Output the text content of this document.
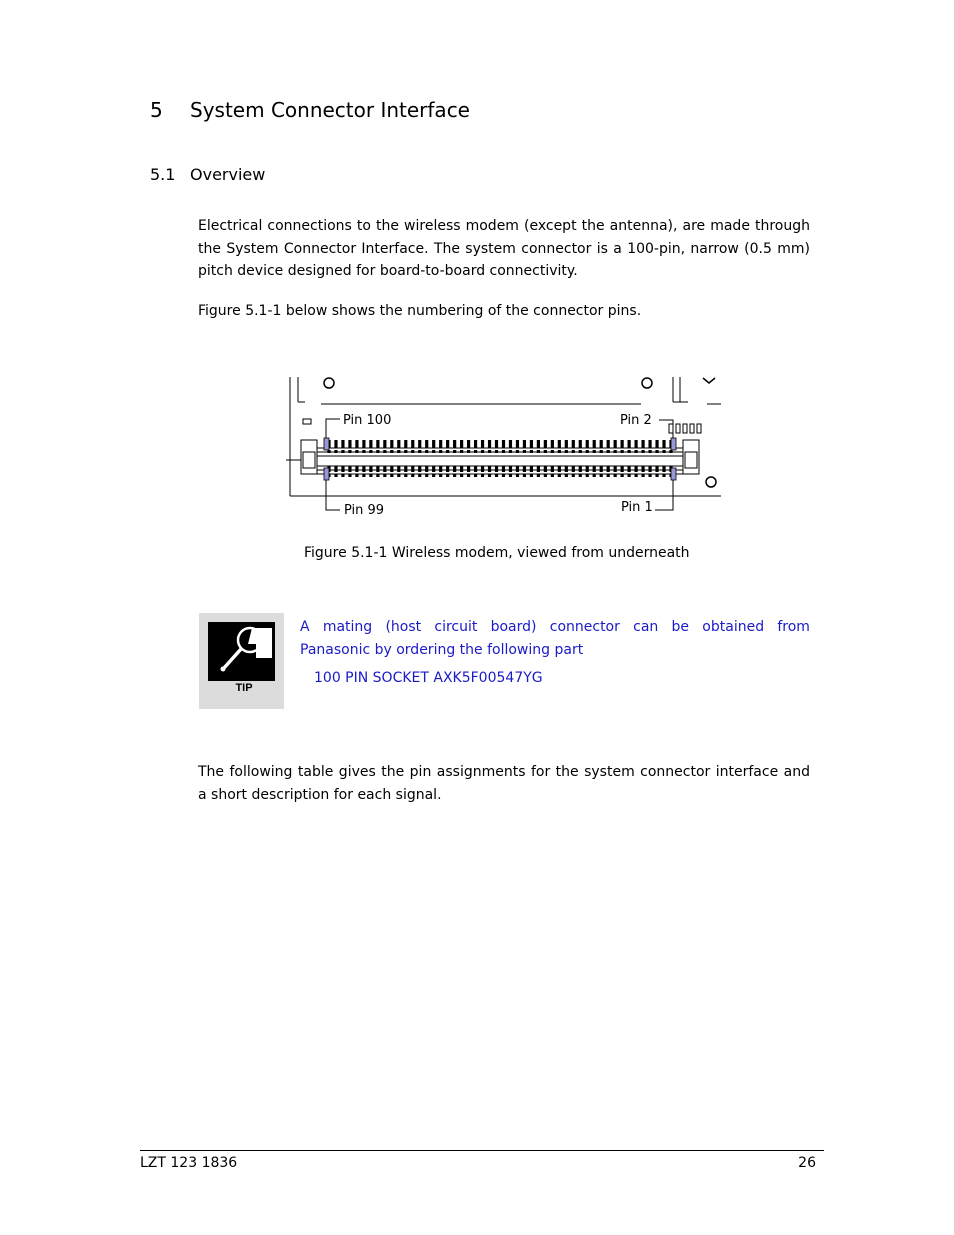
5 System Connector Interface
5.1 Overview
Electrical connections to the wireless modem (except the antenna), are made through the System Connector Interface. The system connector is a 100-pin, narrow (0.5 mm) pitch device designed for board-to-board connectivity.
Figure 5.1-1 below shows the numbering of the connector pins.
Pin 100	Pin 2
Pin 99	Pin 1
Figure 5.1-1 Wireless modem, viewed from underneath
TIP
A mating (host circuit board) connector can be obtained from
Panasonic by ordering the following part
100 PIN SOCKET AXK5F00547YG
The following table gives the pin assignments for the system connector interface and a short description for each signal.
LZT 123 1836	26
